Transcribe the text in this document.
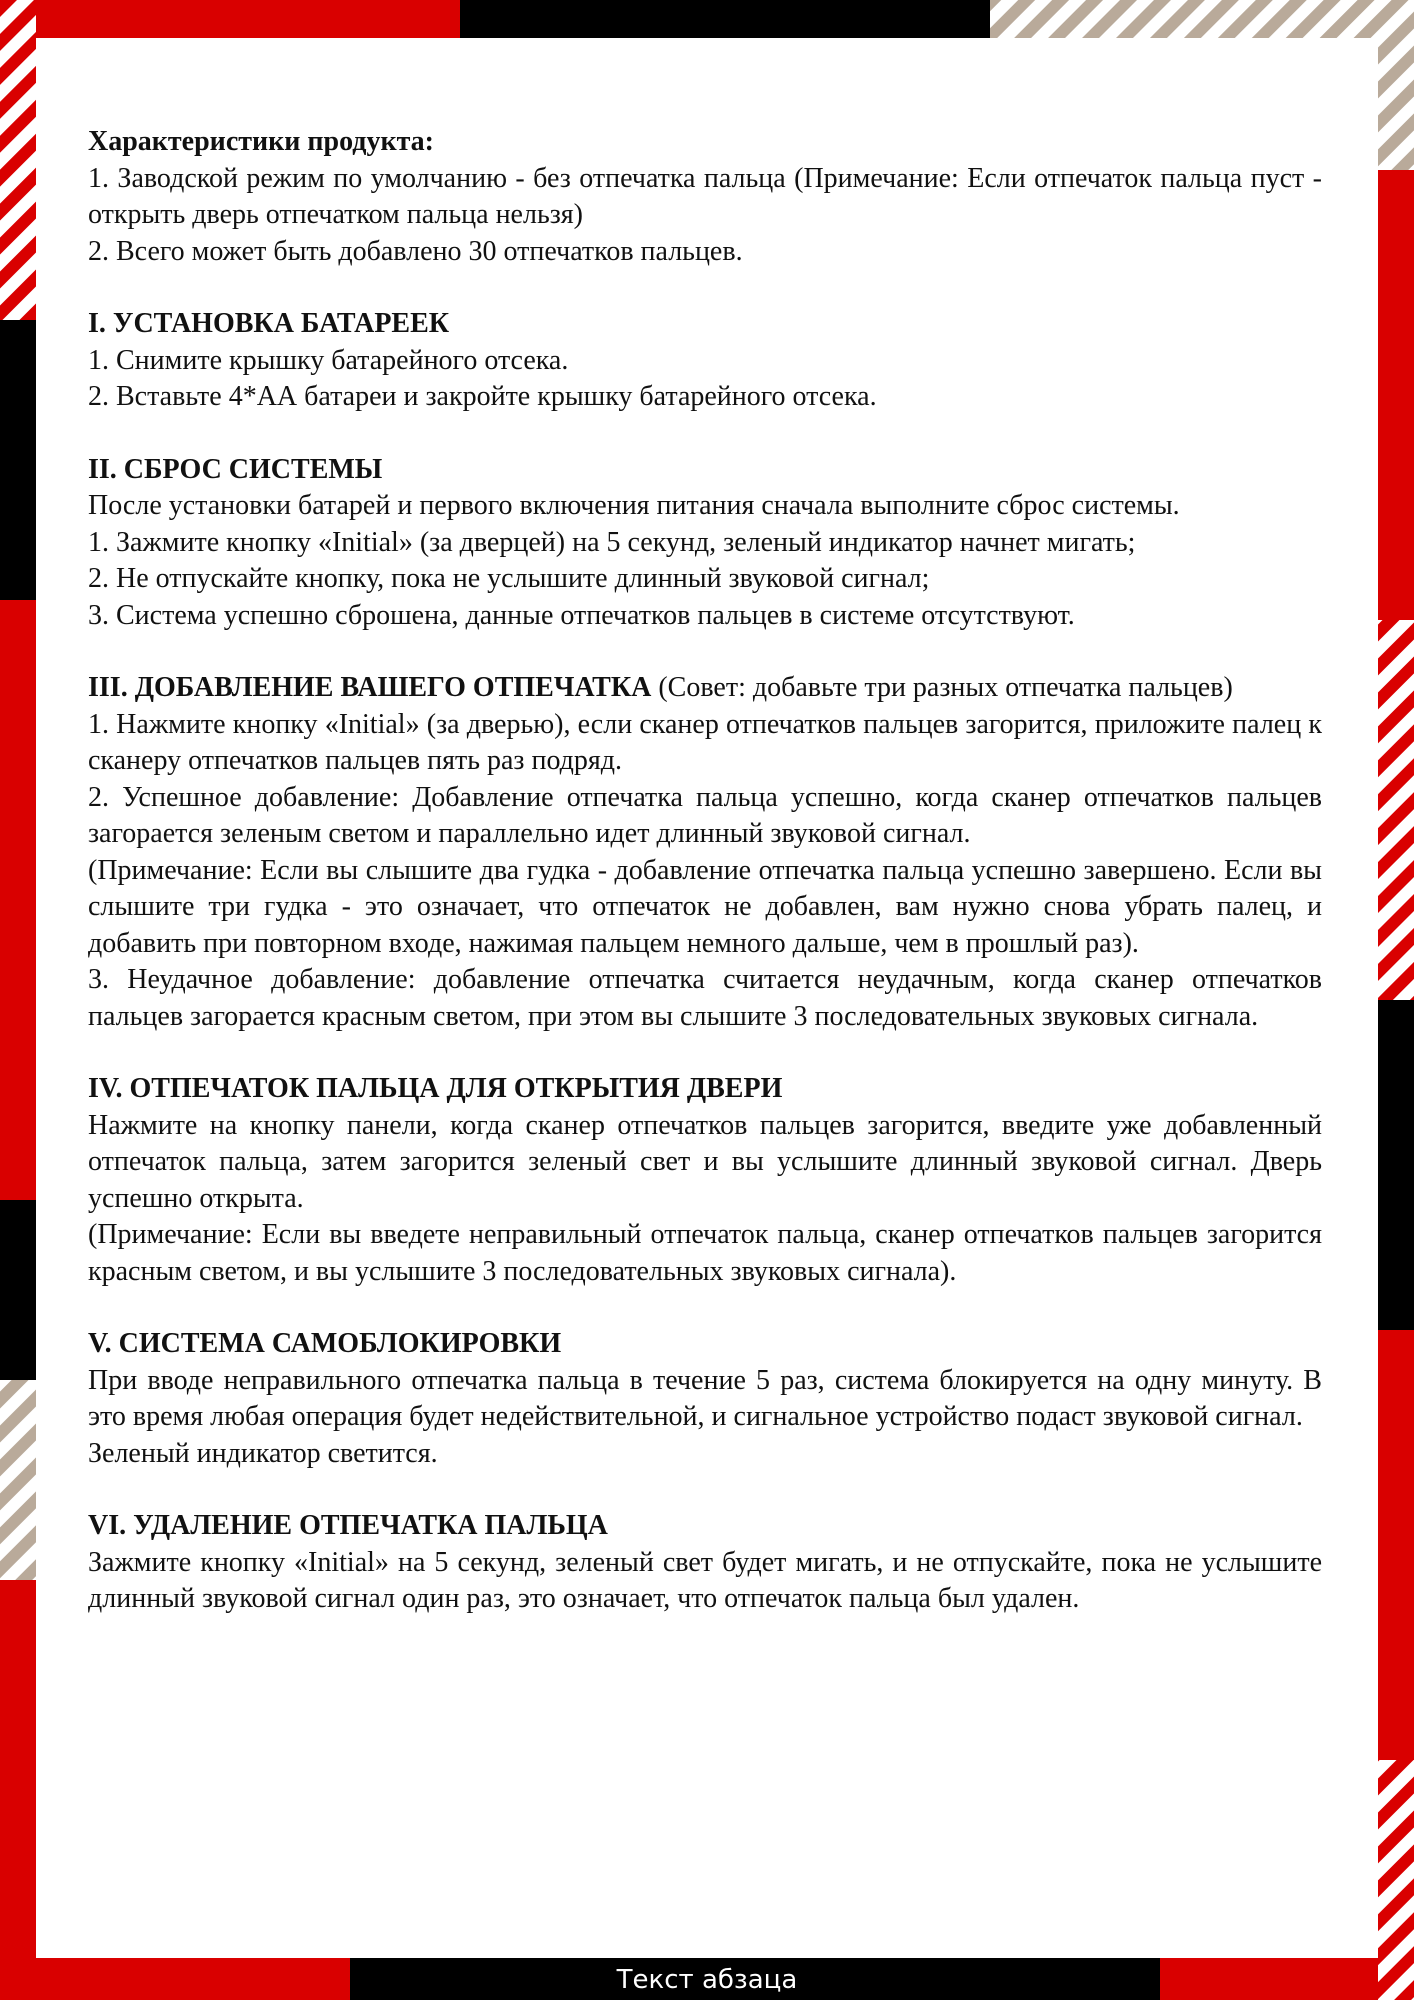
Характеристики продукта:

1. Заводской режим по умолчанию - без отпечатка пальца (Примечание: Если отпечаток пальца пуст - открыть дверь отпечатком пальца нельзя)

2. Всего может быть добавлено 30 отпечатков пальцев.

I. УСТАНОВКА БАТАРЕЕК

1. Снимите крышку батарейного отсека.

2. Вставьте 4*АА батареи и закройте крышку батарейного отсека.

II. СБРОС СИСТЕМЫ

После установки батарей и первого включения питания сначала выполните сброс системы.

1. Зажмите кнопку «Initial» (за дверцей) на 5 секунд, зеленый индикатор начнет мигать;

2. Не отпускайте кнопку, пока не услышите длинный звуковой сигнал;

3. Система успешно сброшена, данные отпечатков пальцев в системе отсутствуют.

III. ДОБАВЛЕНИЕ ВАШЕГО ОТПЕЧАТКА (Совет: добавьте три разных отпечатка пальцев)

1. Нажмите кнопку «Initial» (за дверью), если сканер отпечатков пальцев загорится, приложите палец к сканеру отпечатков пальцев пять раз подряд.

2. Успешное добавление: Добавление отпечатка пальца успешно, когда сканер отпечатков пальцев загорается зеленым светом и параллельно идет длинный звуковой сигнал.

(Примечание: Если вы слышите два гудка - добавление отпечатка пальца успешно завершено. Если вы слышите три гудка - это означает, что отпечаток не добавлен, вам нужно снова убрать палец, и добавить при повторном входе, нажимая пальцем немного дальше, чем в прошлый раз).

3. Неудачное добавление: добавление отпечатка считается неудачным, когда сканер отпечатков пальцев загорается красным светом, при этом вы слышите 3 последовательных звуковых сигнала.

IV. ОТПЕЧАТОК ПАЛЬЦА ДЛЯ ОТКРЫТИЯ ДВЕРИ

Нажмите на кнопку панели, когда сканер отпечатков пальцев загорится, введите уже добавленный отпечаток пальца, затем загорится зеленый свет и вы услышите длинный звуковой сигнал. Дверь успешно открыта.

(Примечание: Если вы введете неправильный отпечаток пальца, сканер отпечатков пальцев загорится красным светом, и вы услышите 3 последовательных звуковых сигнала).

V. СИСТЕМА САМОБЛОКИРОВКИ

При вводе неправильного отпечатка пальца в течение 5 раз, система блокируется на одну минуту. В это время любая операция будет недействительной, и сигнальное устройство подаст звуковой сигнал.

Зеленый индикатор светится.

VI. УДАЛЕНИЕ ОТПЕЧАТКА ПАЛЬЦА

Зажмите кнопку «Initial» на 5 секунд, зеленый свет будет мигать, и не отпускайте, пока не услышите длинный звуковой сигнал один раз, это означает, что отпечаток пальца был удален.

Текст абзаца
